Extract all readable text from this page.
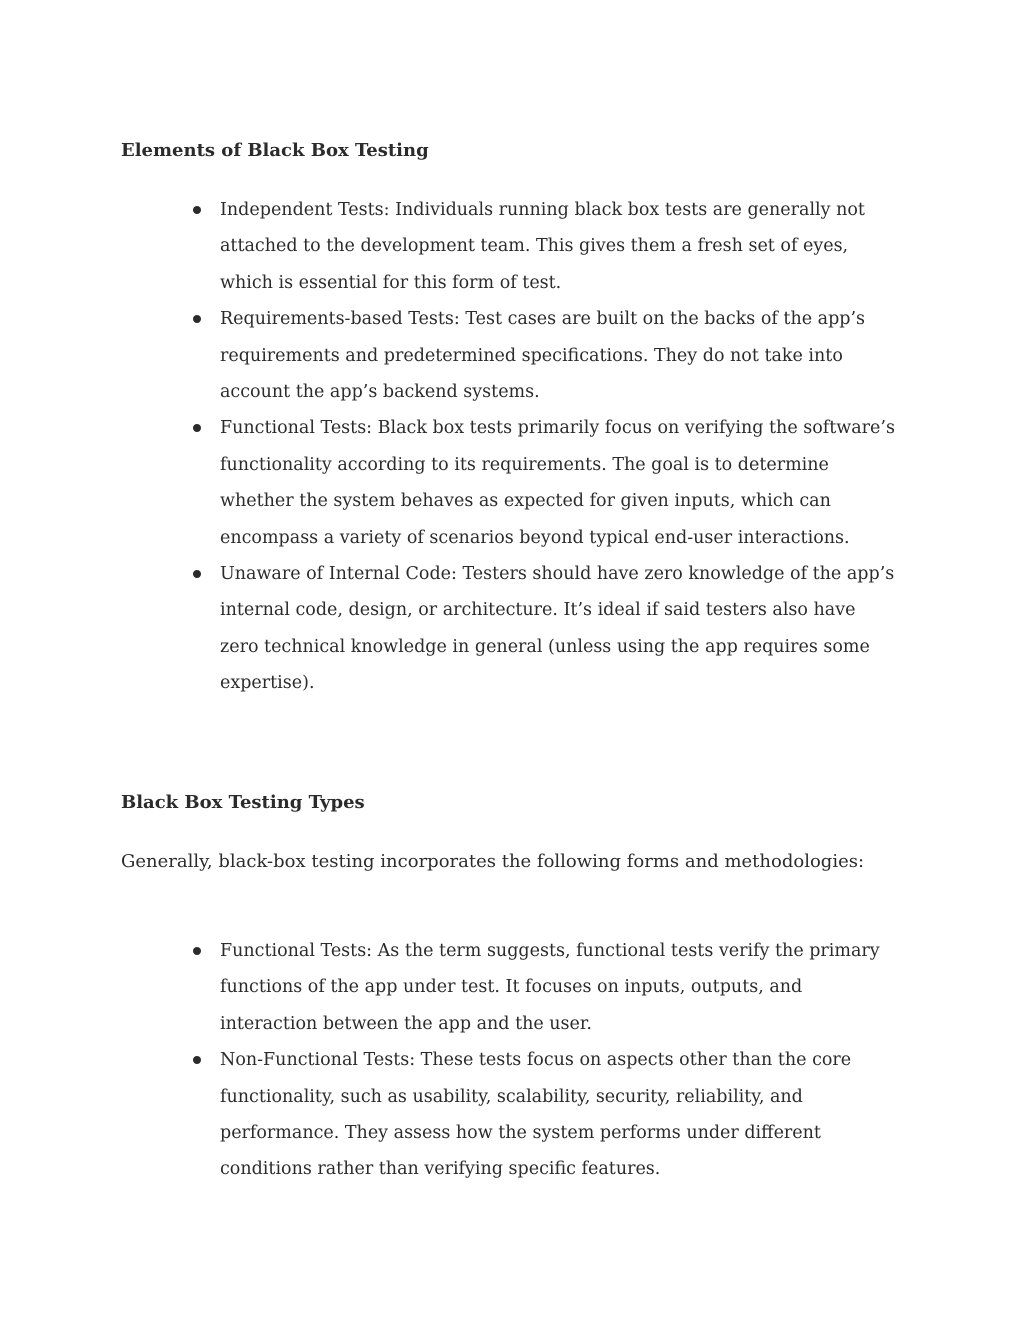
Elements of Black Box Testing
Independent Tests: Individuals running black box tests are generally not attached to the development team. This gives them a fresh set of eyes, which is essential for this form of test.
Requirements-based Tests: Test cases are built on the backs of the app’s requirements and predetermined specifications. They do not take into account the app’s backend systems.
Functional Tests: Black box tests primarily focus on verifying the software’s functionality according to its requirements. The goal is to determine whether the system behaves as expected for given inputs, which can encompass a variety of scenarios beyond typical end-user interactions.
Unaware of Internal Code: Testers should have zero knowledge of the app’s internal code, design, or architecture. It’s ideal if said testers also have zero technical knowledge in general (unless using the app requires some expertise).
Black Box Testing Types

Generally, black-box testing incorporates the following forms and methodologies:

Functional Tests: As the term suggests, functional tests verify the primary functions of the app under test. It focuses on inputs, outputs, and interaction between the app and the user.
Non-Functional Tests: These tests focus on aspects other than the core functionality, such as usability, scalability, security, reliability, and performance. They assess how the system performs under different conditions rather than verifying specific features.
